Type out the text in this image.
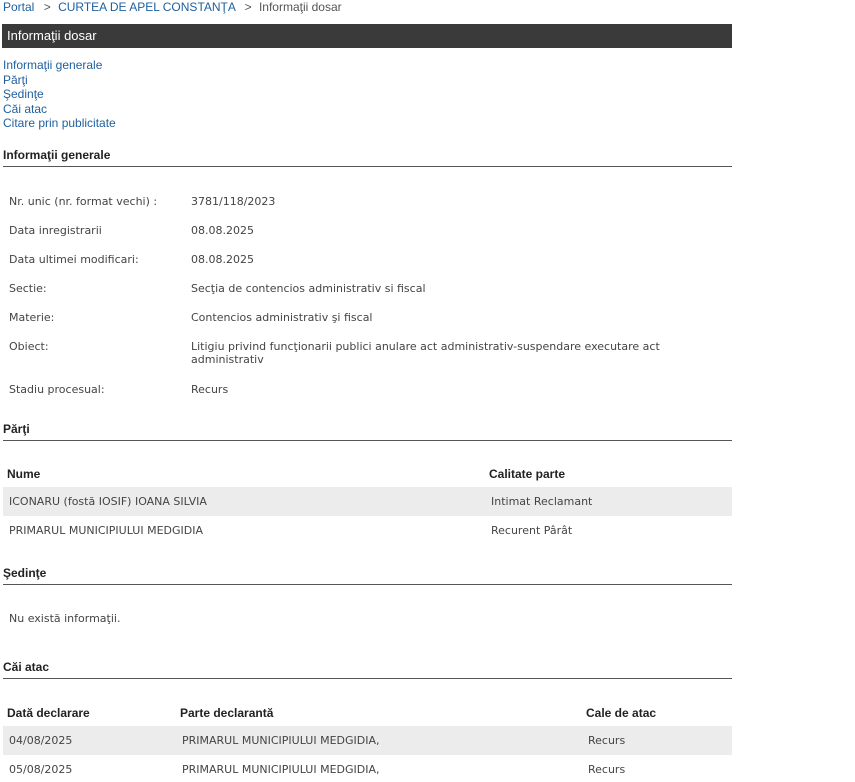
Portal > CURTEA DE APEL CONSTANŢA > Informaţii dosar
Informaţii dosar
Informaţii generale
Părţi
Şedinţe
Căi atac
Citare prin publicitate
Informaţii generale
Nr. unic (nr. format vechi) :	3781/118/2023
Data inregistrarii	08.08.2025
Data ultimei modificari:	08.08.2025
Sectie:	Secţia de contencios administrativ si fiscal
Materie:	Contencios administrativ şi fiscal
Obiect:	Litigiu privind funcţionarii publici anulare act administrativ-suspendare executare act administrativ
Stadiu procesual:	Recurs
Părţi
Nume	Calitate parte
ICONARU (fostă IOSIF) IOANA SILVIA	Intimat Reclamant
PRIMARUL MUNICIPIULUI MEDGIDIA	Recurent Pârât
Şedinţe
Nu există informaţii.
Căi atac
Dată declarare	Parte declarantă	Cale de atac
04/08/2025	PRIMARUL MUNICIPIULUI MEDGIDIA,	Recurs
05/08/2025	PRIMARUL MUNICIPIULUI MEDGIDIA,	Recurs
